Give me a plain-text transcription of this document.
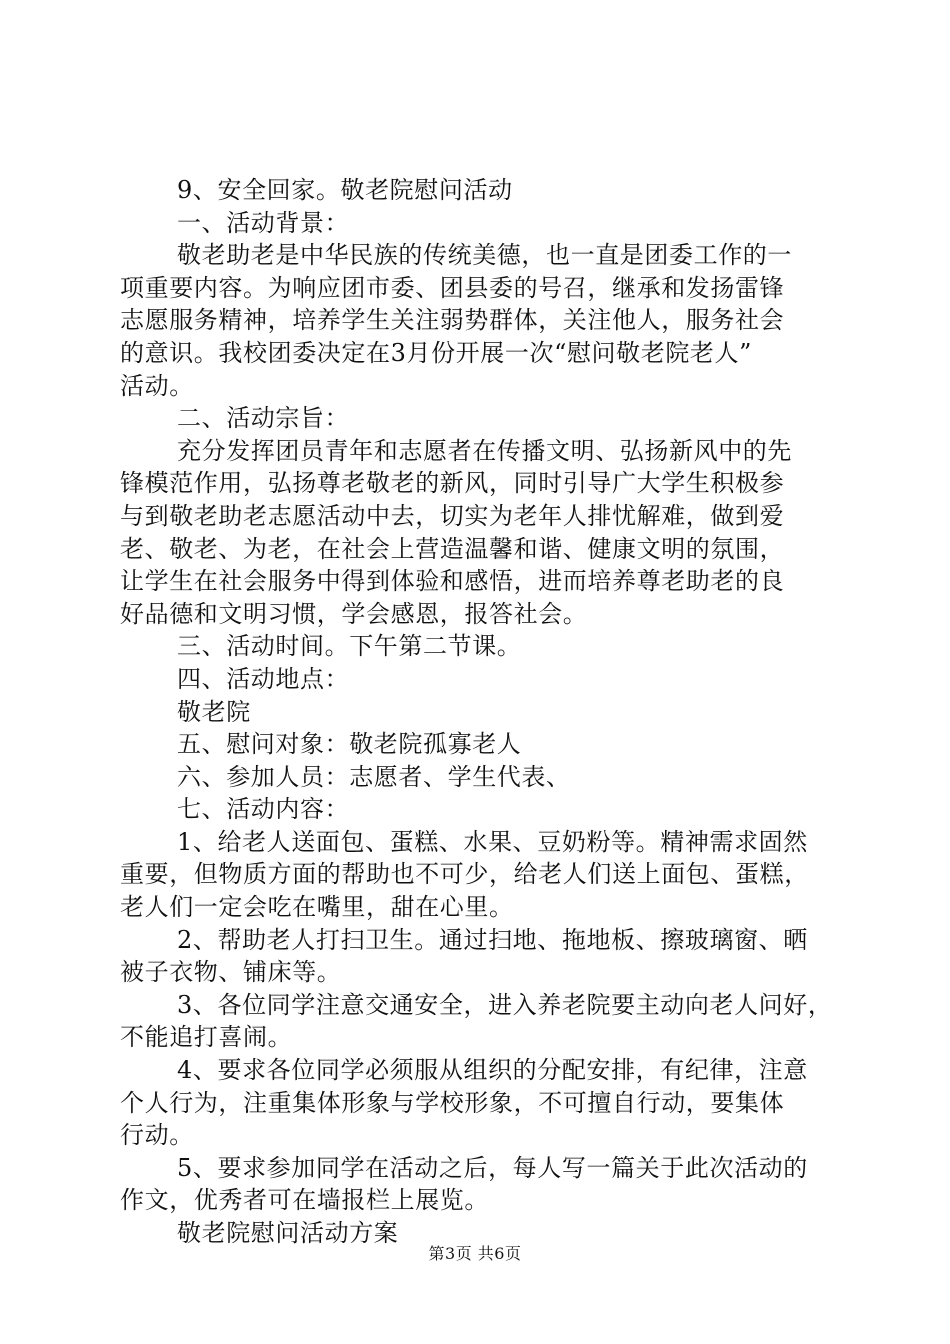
9、安全回家。敬老院慰问活动
一、活动背景：
敬老助老是中华民族的传统美德，也一直是团委工作的一
项重要内容。为响应团市委、团县委的号召，继承和发扬雷锋
志愿服务精神，培养学生关注弱势群体，关注他人，服务社会
的意识。我校团委决定在3月份开展一次“慰问敬老院老人”
活动。
二、活动宗旨：
充分发挥团员青年和志愿者在传播文明、弘扬新风中的先
锋模范作用，弘扬尊老敬老的新风，同时引导广大学生积极参
与到敬老助老志愿活动中去，切实为老年人排忧解难，做到爱
老、敬老、为老，在社会上营造温馨和谐、健康文明的氛围，
让学生在社会服务中得到体验和感悟，进而培养尊老助老的良
好品德和文明习惯，学会感恩，报答社会。
三、活动时间。下午第二节课。
四、活动地点：
敬老院
五、慰问对象：敬老院孤寡老人
六、参加人员：志愿者、学生代表、
七、活动内容：
1、给老人送面包、蛋糕、水果、豆奶粉等。精神需求固然
重要，但物质方面的帮助也不可少，给老人们送上面包、蛋糕，
老人们一定会吃在嘴里，甜在心里。
2、帮助老人打扫卫生。通过扫地、拖地板、擦玻璃窗、晒
被子衣物、铺床等。
3、各位同学注意交通安全，进入养老院要主动向老人问好，
不能追打喜闹。
4、要求各位同学必须服从组织的分配安排，有纪律，注意
个人行为，注重集体形象与学校形象，不可擅自行动，要集体
行动。
5、要求参加同学在活动之后，每人写一篇关于此次活动的
作文，优秀者可在墙报栏上展览。
敬老院慰问活动方案
第3页 共6页
